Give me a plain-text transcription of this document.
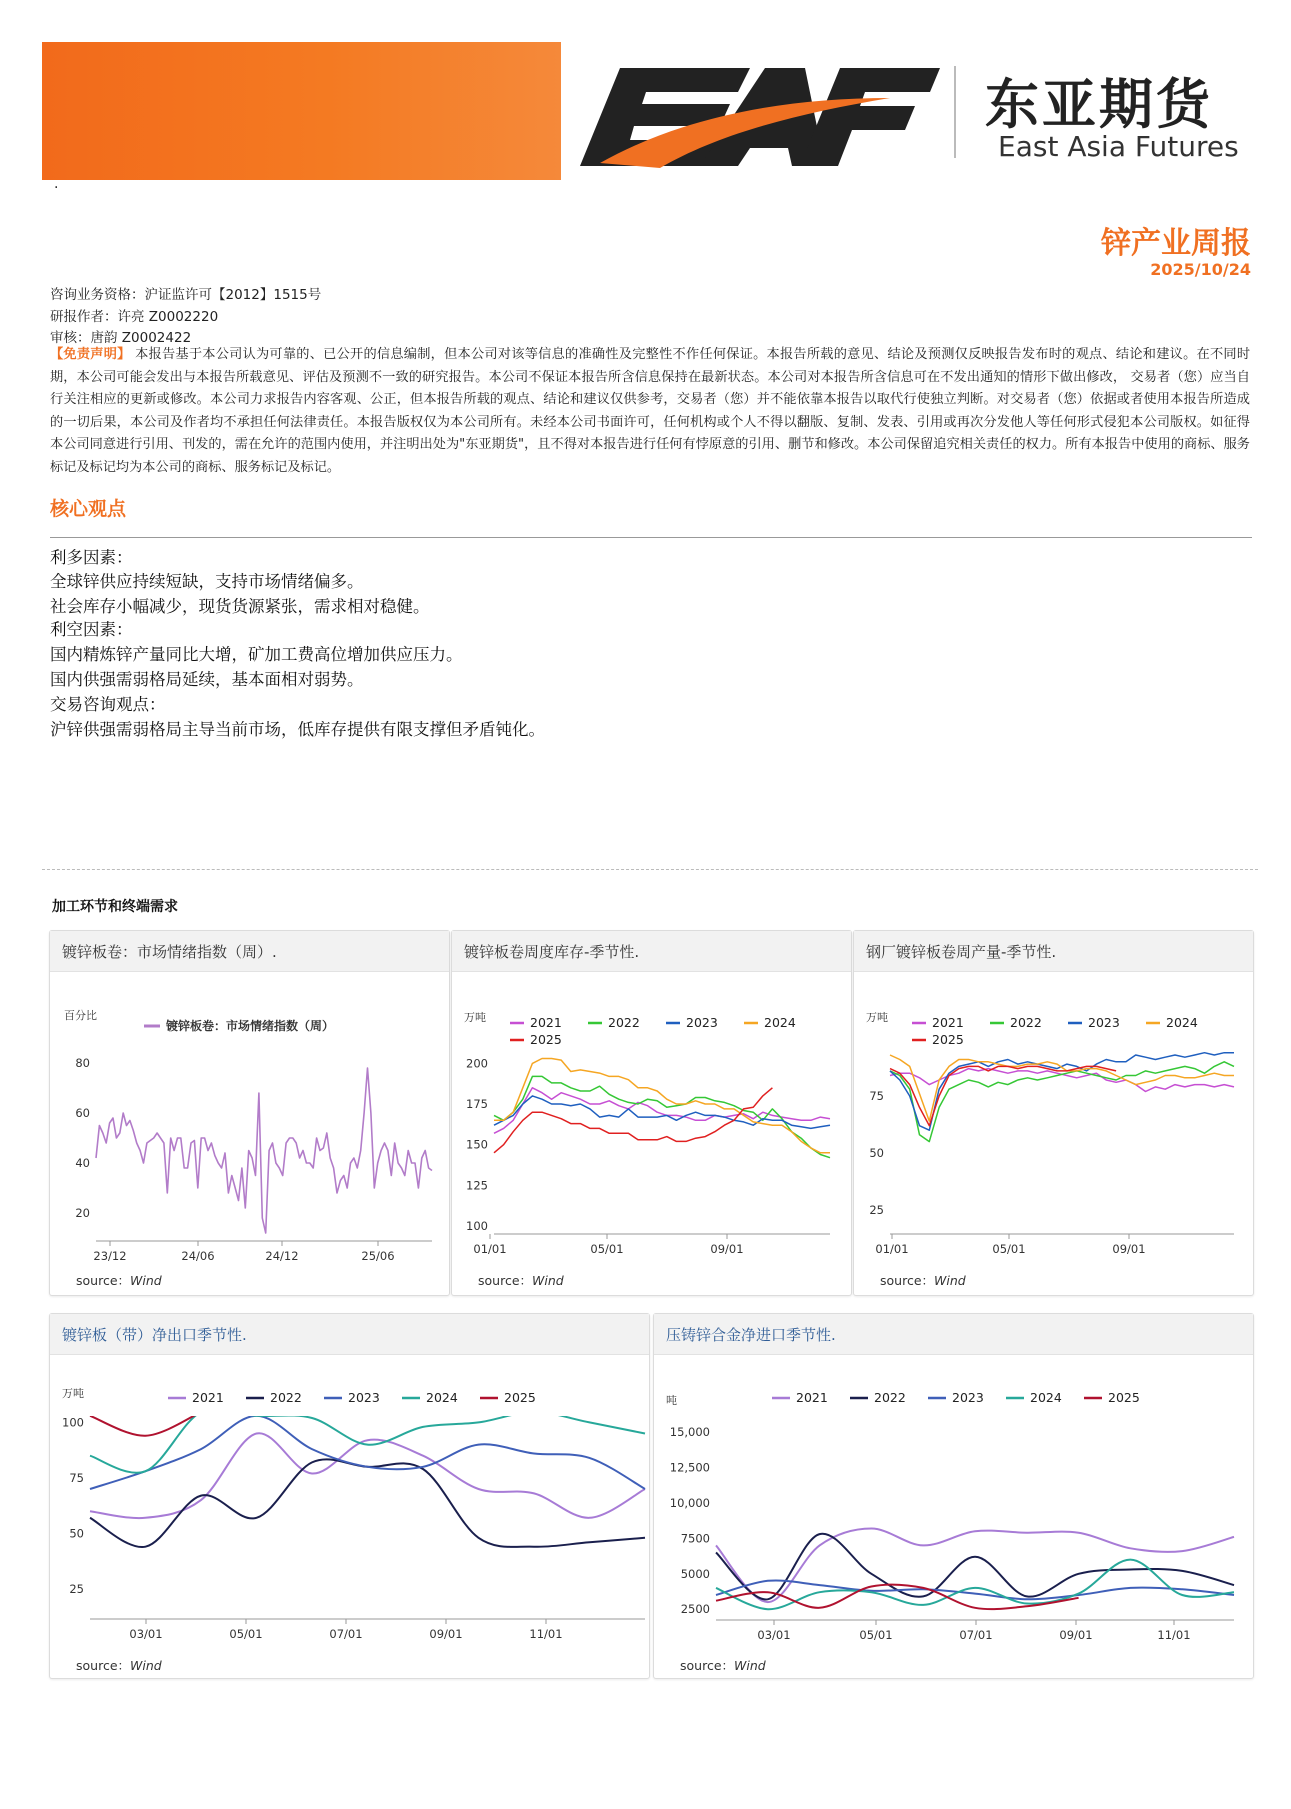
东亚期货
East Asia Futures
·
锌产业周报
2025/10/24
咨询业务资格：沪证监许可【2012】1515号
研报作者：许亮 Z0002220
审核：唐韵 Z0002422
【免责声明】 本报告基于本公司认为可靠的、已公开的信息编制，但本公司对该等信息的准确性及完整性不作任何保证。本报告所载的意见、结论及预测仅反映报告发布时的观点、结论和建议。在不同时期，本公司可能会发出与本报告所载意见、评估及预测不一致的研究报告。本公司不保证本报告所含信息保持在最新状态。本公司对本报告所含信息可在不发出通知的情形下做出修改， 交易者（您）应当自行关注相应的更新或修改。本公司力求报告内容客观、公正，但本报告所载的观点、结论和建议仅供参考，交易者（您）并不能依靠本报告以取代行使独立判断。对交易者（您）依据或者使用本报告所造成的一切后果，本公司及作者均不承担任何法律责任。本报告版权仅为本公司所有。未经本公司书面许可，任何机构或个人不得以翻版、复制、发表、引用或再次分发他人等任何形式侵犯本公司版权。如征得本公司同意进行引用、刊发的，需在允许的范围内使用，并注明出处为"东亚期货"，且不得对本报告进行任何有悖原意的引用、删节和修改。本公司保留追究相关责任的权力。所有本报告中使用的商标、服务标记及标记均为本公司的商标、服务标记及标记。
核心观点
利多因素：
全球锌供应持续短缺，支持市场情绪偏多。
社会库存小幅减少，现货货源紧张，需求相对稳健。
利空因素：
国内精炼锌产量同比大增，矿加工费高位增加供应压力。
国内供强需弱格局延续，基本面相对弱势。
交易咨询观点：
沪锌供强需弱格局主导当前市场，低库存提供有限支撑但矛盾钝化。
加工环节和终端需求
镀锌板卷：市场情绪指数（周）.
百分比
20
40
60
80
23/12	24/06	24/12	25/06
镀锌板卷：市场情绪指数（周）
source：Wind
镀锌板卷周度库存-季节性.
万吨
100
125
150
175
200
01/01	05/01	09/01
2021	2022	2023	2024
2025
source：Wind
钢厂镀锌板卷周产量-季节性.
万吨
25
50
75
01/01	05/01	09/01
2021	2022	2023	2024
2025
source：Wind
镀锌板（带）净出口季节性.
万吨
25
50
75
100
03/01	05/01	07/01	09/01	11/01
2021	2022	2023	2024	2025
source：Wind
压铸锌合金净进口季节性.
吨
2500
5000
7500
10,000
12,500
15,000
03/01	05/01	07/01	09/01	11/01
2021	2022	2023	2024	2025
source：Wind
